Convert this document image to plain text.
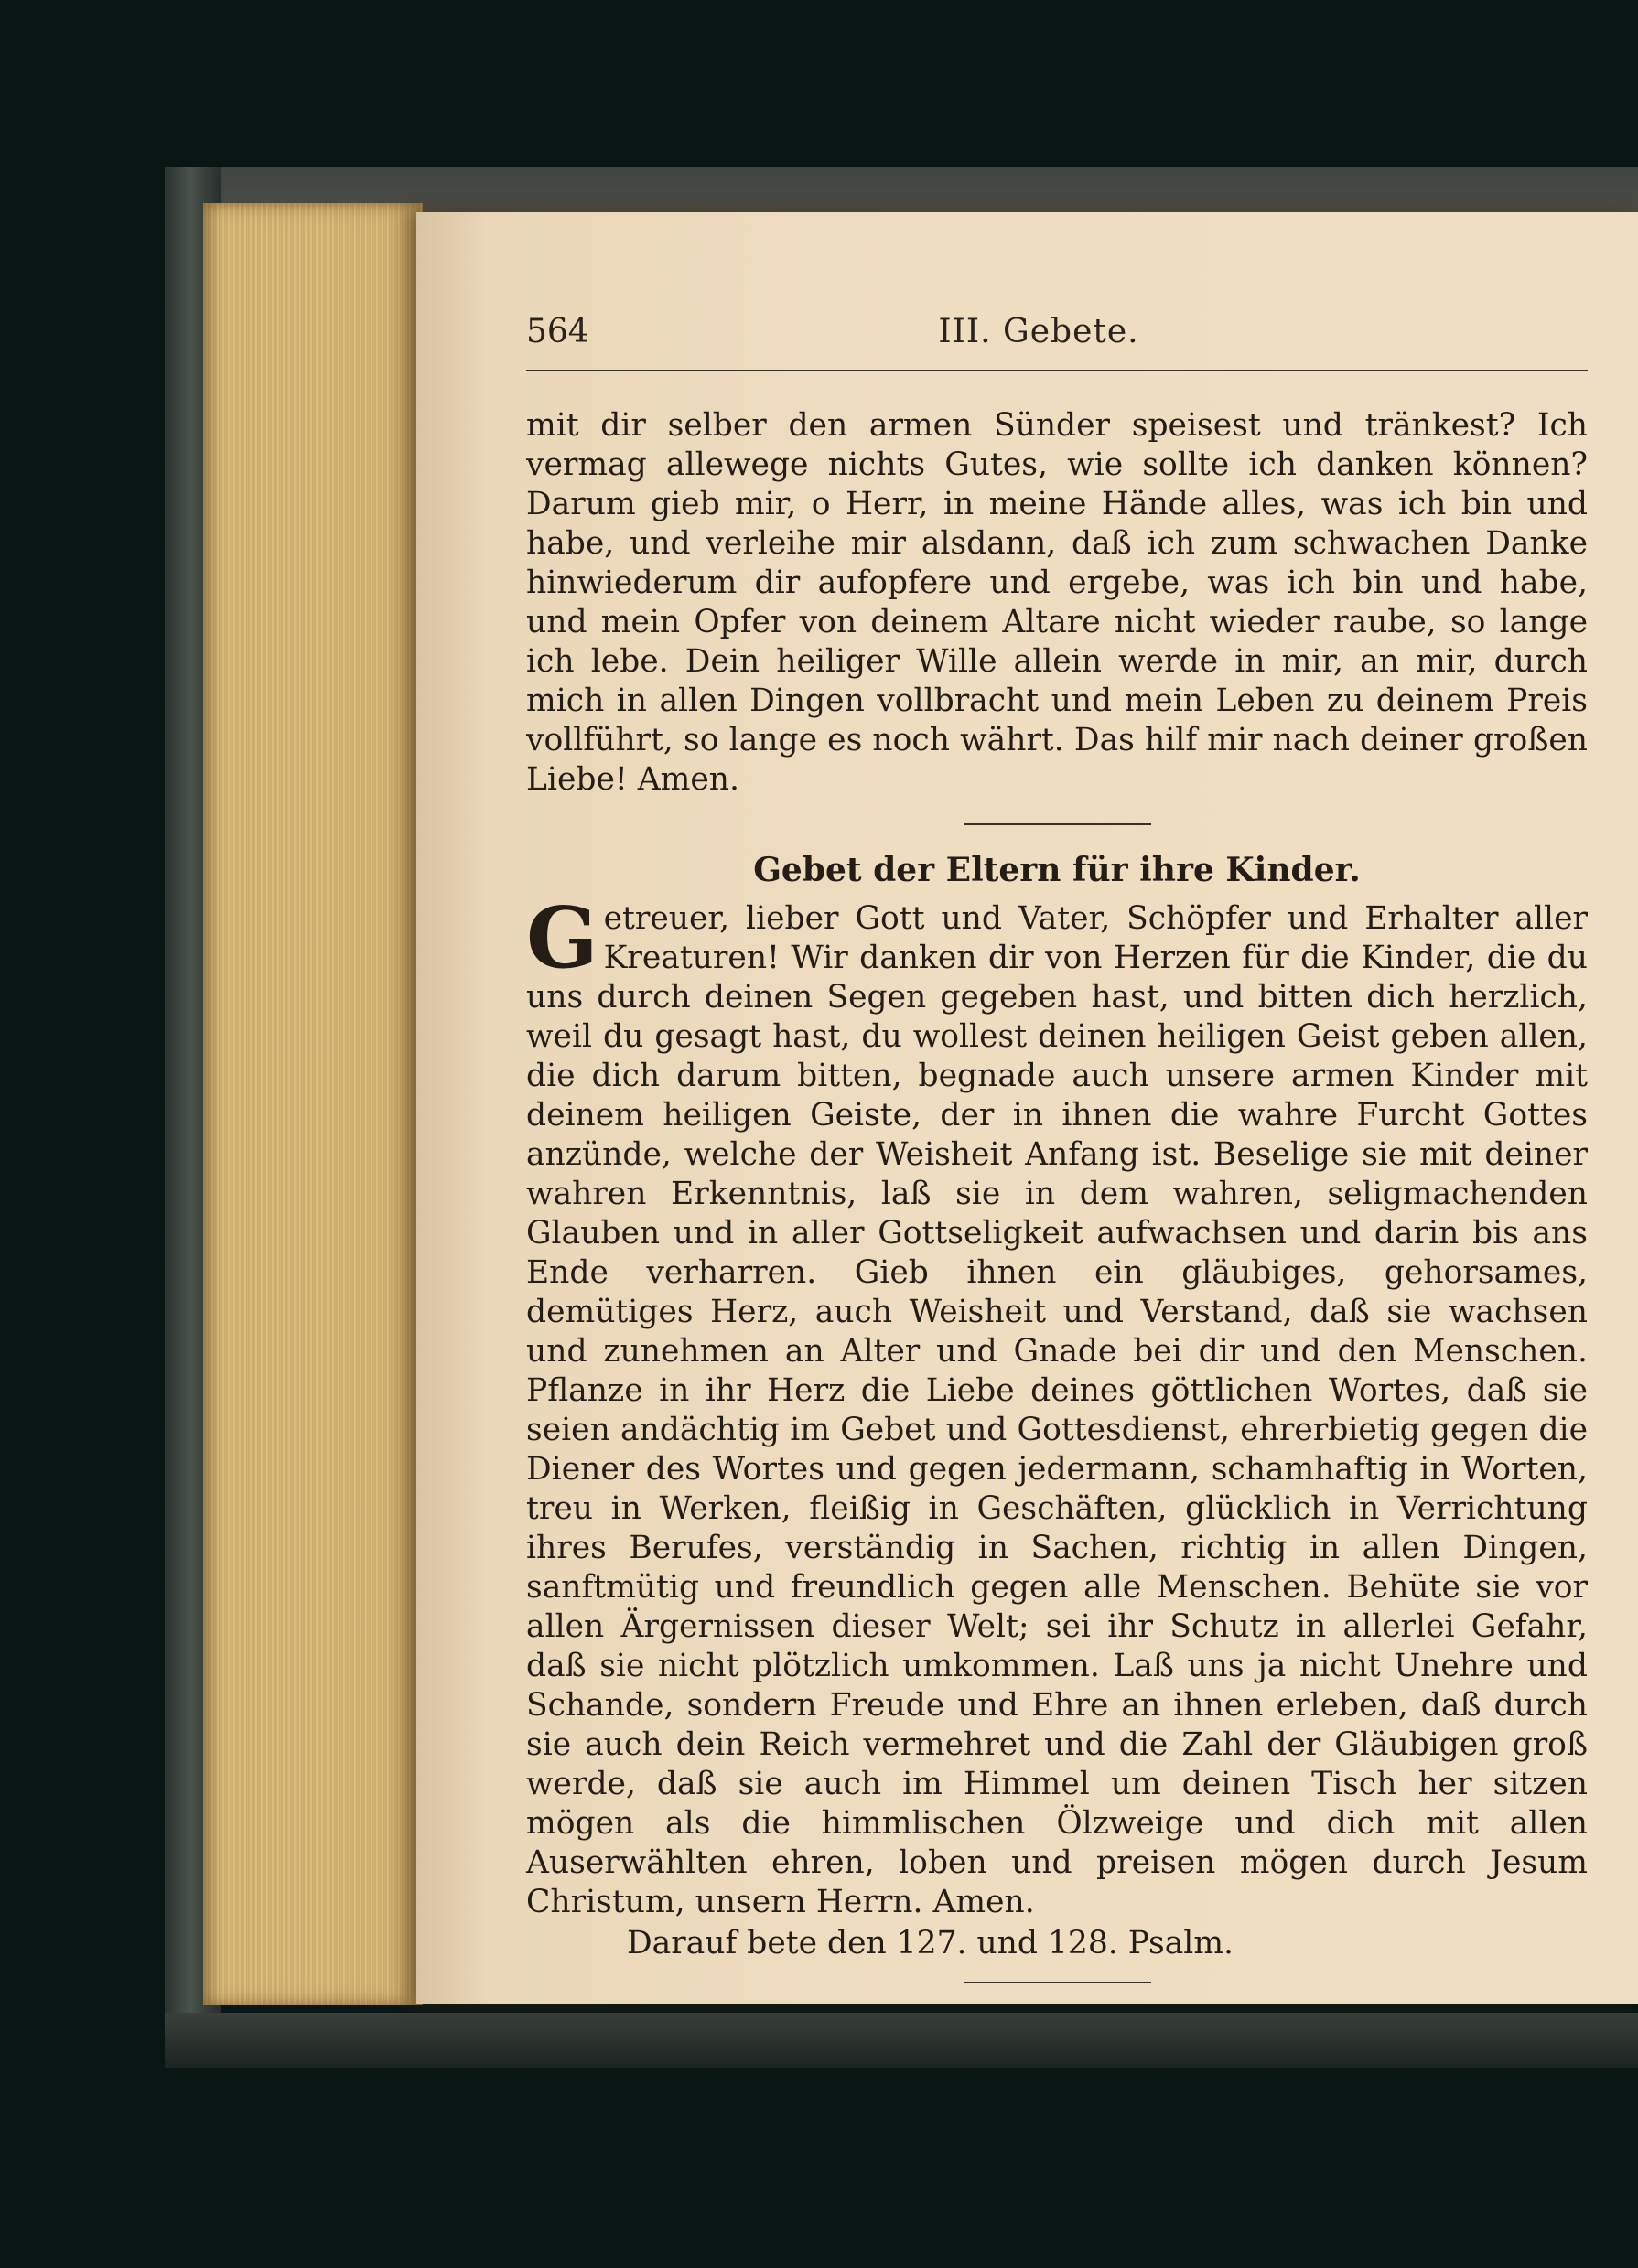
564	III. Gebete.

mit dir selber den armen Sünder speisest und tränkest? Ich vermag allewege nichts Gutes, wie sollte ich danken können? Darum gieb mir, o Herr, in meine Hände alles, was ich bin und habe, und verleihe mir alsdann, daß ich zum schwachen Danke hinwiederum dir aufopfere und ergebe, was ich bin und habe, und mein Opfer von deinem Altare nicht wieder raube, so lange ich lebe. Dein heiliger Wille allein werde in mir, an mir, durch mich in allen Dingen vollbracht und mein Leben zu deinem Preis vollführt, so lange es noch währt. Das hilf mir nach deiner großen Liebe! Amen.

Gebet der Eltern für ihre Kinder.

Getreuer, lieber Gott und Vater, Schöpfer und Erhalter aller Kreaturen! Wir danken dir von Herzen für die Kinder, die du uns durch deinen Segen gegeben hast, und bitten dich herzlich, weil du gesagt hast, du wollest deinen heiligen Geist geben allen, die dich darum bitten, begnade auch unsere armen Kinder mit deinem heiligen Geiste, der in ihnen die wahre Furcht Gottes anzünde, welche der Weisheit Anfang ist. Beselige sie mit deiner wahren Erkenntnis, laß sie in dem wahren, seligmachenden Glauben und in aller Gottseligkeit aufwachsen und darin bis ans Ende verharren. Gieb ihnen ein gläubiges, gehorsames, demütiges Herz, auch Weisheit und Verstand, daß sie wachsen und zunehmen an Alter und Gnade bei dir und den Menschen. Pflanze in ihr Herz die Liebe deines göttlichen Wortes, daß sie seien andächtig im Gebet und Gottesdienst, ehrerbietig gegen die Diener des Wortes und gegen jedermann, schamhaftig in Worten, treu in Werken, fleißig in Geschäften, glücklich in Verrichtung ihres Berufes, verständig in Sachen, richtig in allen Dingen, sanftmütig und freundlich gegen alle Menschen. Behüte sie vor allen Ärgernissen dieser Welt; sei ihr Schutz in allerlei Gefahr, daß sie nicht plötzlich umkommen. Laß uns ja nicht Unehre und Schande, sondern Freude und Ehre an ihnen erleben, daß durch sie auch dein Reich vermehret und die Zahl der Gläubigen groß werde, daß sie auch im Himmel um deinen Tisch her sitzen mögen als die himmlischen Ölzweige und dich mit allen Auserwählten ehren, loben und preisen mögen durch Jesum Christum, unsern Herrn. Amen.

Darauf bete den 127. und 128. Psalm.
